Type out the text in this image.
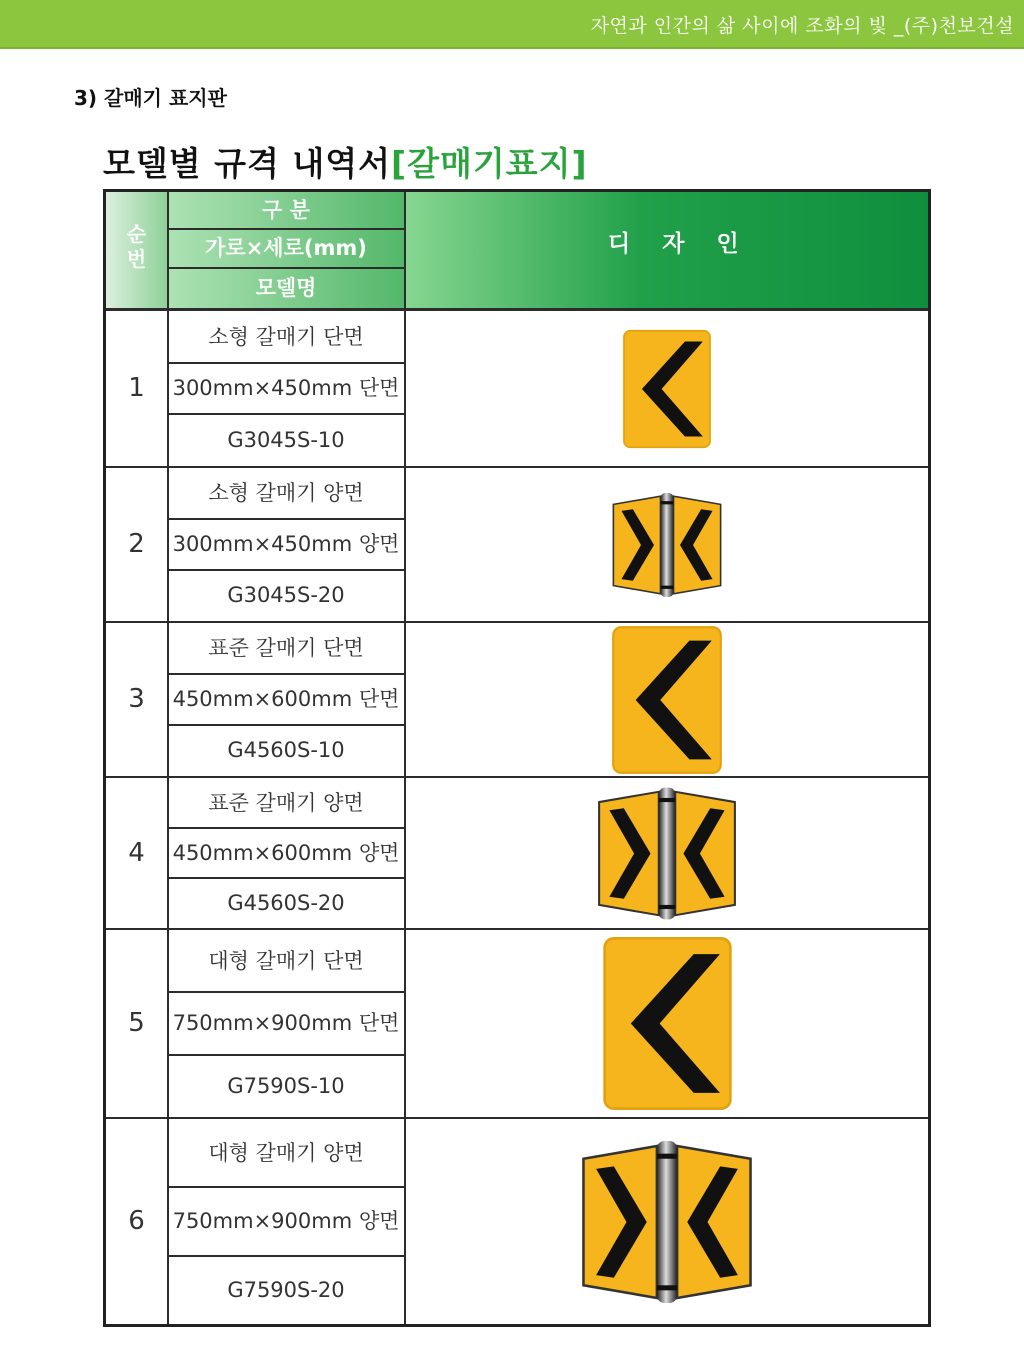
자연과 인간의 삶 사이에 조화의 빛 _(주)천보건설
3) 갈매기 표지판
모델별 규격 내역서[갈매기표지]
순번
구 분
가로×세로(mm)
모델명
디 자 인
1
소형 갈매기 단면
300mm×450mm 단면
G3045S-10
2
소형 갈매기 양면
300mm×450mm 양면
G3045S-20
3
표준 갈매기 단면
450mm×600mm 단면
G4560S-10
4
표준 갈매기 양면
450mm×600mm 양면
G4560S-20
5
대형 갈매기 단면
750mm×900mm 단면
G7590S-10
6
대형 갈매기 양면
750mm×900mm 양면
G7590S-20
